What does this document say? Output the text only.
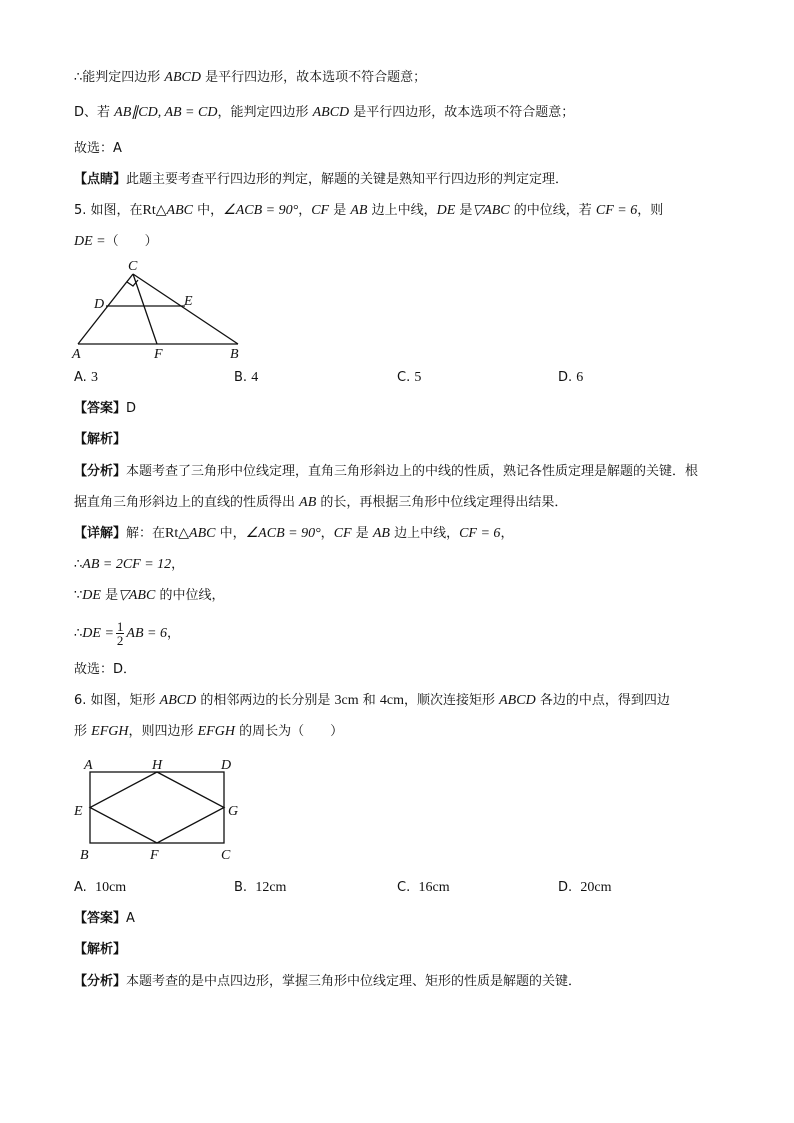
∴能判定四边形 ABCD 是平行四边形，故本选项不符合题意；
D、若 AB∥CD, AB = CD，能判定四边形 ABCD 是平行四边形，故本选项不符合题意；
故选：A
【点睛】此题主要考查平行四边形的判定，解题的关键是熟知平行四边形的判定定理．
5. 如图，在Rt△ABC 中，∠ACB = 90°，CF 是 AB 边上中线，DE 是▽ABC 的中位线，若 CF = 6，则
DE =（　　）
C
D	E
A	F	B
A. 3	B. 4	C. 5	D. 6
【答案】D
【解析】
【分析】本题考查了三角形中位线定理，直角三角形斜边上的中线的性质，熟记各性质定理是解题的关键．根
据直角三角形斜边上的直线的性质得出 AB 的长，再根据三角形中位线定理得出结果．
【详解】解：在Rt△ABC 中，∠ACB = 90°，CF 是 AB 边上中线，CF = 6，
∴AB = 2CF = 12，
∵DE 是▽ABC 的中位线，
∴DE = $\frac{1}{2}$ AB = 6，
故选：D．
6. 如图，矩形 ABCD 的相邻两边的长分别是 3cm 和 4cm，顺次连接矩形 ABCD 各边的中点，得到四边
形 EFGH，则四边形 EFGH 的周长为（　　）
A	H	D
E	G
B	F	C
A. 10cm	B. 12cm	C. 16cm	D. 20cm
【答案】A
【解析】
【分析】本题考查的是中点四边形，掌握三角形中位线定理、矩形的性质是解题的关键．
